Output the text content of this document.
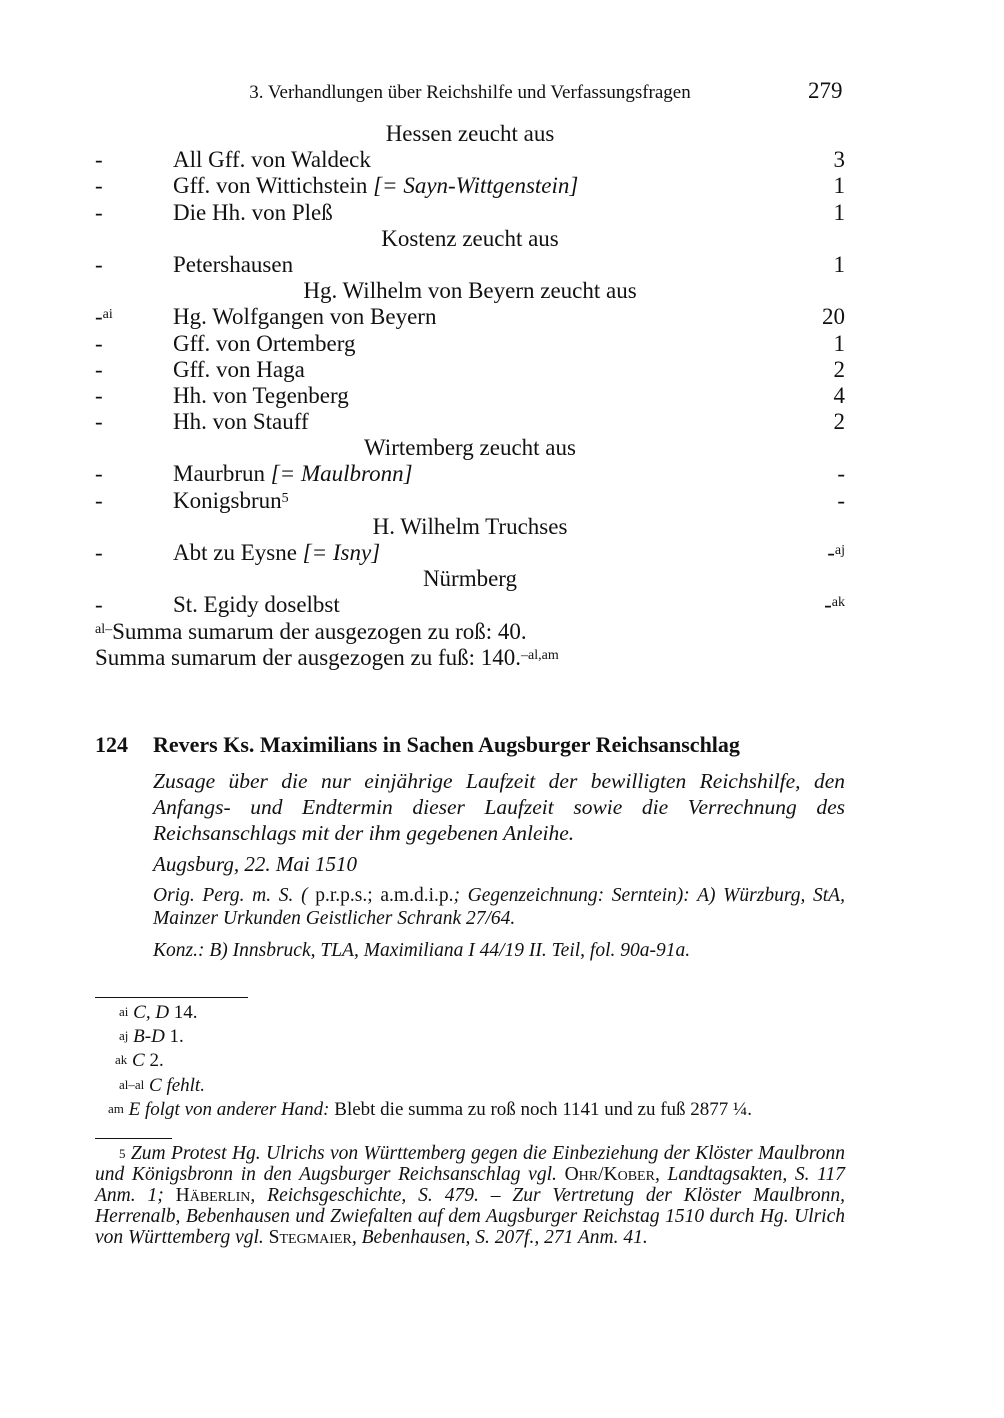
3. Verhandlungen über Reichshilfe und Verfassungsfragen	279
Hessen zeucht aus
-	All Gff. von Waldeck	3
-	Gff. von Wittichstein [= Sayn-Wittgenstein]	1
-	Die Hh. von Pleß	1
Kostenz zeucht aus
-	Petershausen	1
Hg. Wilhelm von Beyern zeucht aus
-$^{ai}$	Hg. Wolfgangen von Beyern	20
-	Gff. von Ortemberg	1
-	Gff. von Haga	2
-	Hh. von Tegenberg	4
-	Hh. von Stauff	2
Wirtemberg zeucht aus
-	Maurbrun [= Maulbronn]	-
-	Konigsbrun$^5$	-
H. Wilhelm Truchses
-	Abt zu Eysne [= Isny]	-$^{aj}$
Nürmberg
-	St. Egidy doselbst	-$^{ak}$
$^{al-}$Summa sumarum der ausgezogen zu roß: 40.
Summa sumarum der ausgezogen zu fuß: 140.$^{-al,am}$
124 Revers Ks. Maximilians in Sachen Augsburger Reichsanschlag
Zusage über die nur einjährige Laufzeit der bewilligten Reichshilfe, den Anfangs- und Endtermin dieser Laufzeit sowie die Verrechnung des Reichsanschlags mit der ihm gegebenen Anleihe.
Augsburg, 22. Mai 1510
Orig. Perg. m. S. ( p.r.p.s.; a.m.d.i.p.; Gegenzeichnung: Serntein): A) Würzburg, StA, Mainzer Urkunden Geistlicher Schrank 27/64.
Konz.: B) Innsbruck, TLA, Maximiliana I 44/19 II. Teil, fol. 90a-91a.
$^{ai}$ C, D 14.
$^{aj}$ B-D 1.
$^{ak}$ C 2.
$^{al-al}$ C fehlt.
$^{am}$ E folgt von anderer Hand: Blebt die summa zu roß noch 1141 und zu fuß 2877 ¼.
$^5$ Zum Protest Hg. Ulrichs von Württemberg gegen die Einbeziehung der Klöster Maulbronn und Königsbronn in den Augsburger Reichsanschlag vgl. Ohr/Kober, Landtagsakten, S. 117 Anm. 1; Häberlin, Reichsgeschichte, S. 479. – Zur Vertretung der Klöster Maulbronn, Herrenalb, Bebenhausen und Zwiefalten auf dem Augsburger Reichstag 1510 durch Hg. Ulrich von Württemberg vgl. Stegmaier, Bebenhausen, S. 207f., 271 Anm. 41.
